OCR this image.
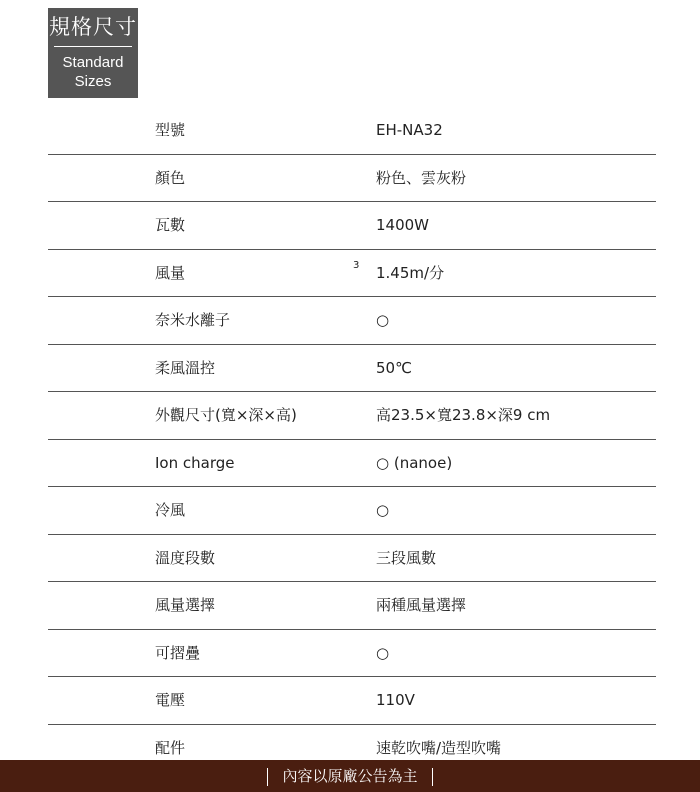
規格尺寸
Standard
Sizes
型號	EH-NA32
顏色	粉色、雲灰粉
瓦數	1400W
風量	3 1.45m/分
奈米水離子	○
柔風溫控	50℃
外觀尺寸(寬×深×高)	高23.5×寬23.8×深9 cm
Ion charge	○ (nanoe)
冷風	○
溫度段數	三段風數
風量選擇	兩種風量選擇
可摺疊	○
電壓	110V
配件	速乾吹嘴/造型吹嘴
內容以原廠公告為主
